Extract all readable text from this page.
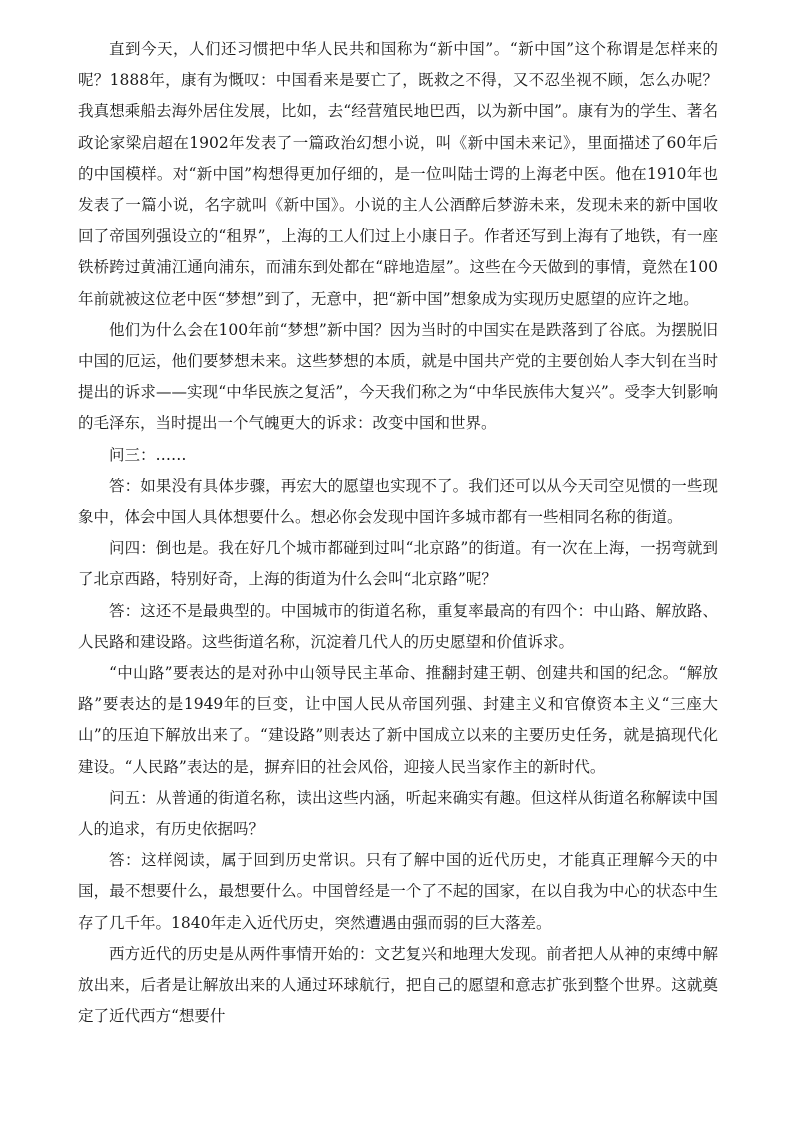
直到今天，人们还习惯把中华人民共和国称为“新中国”。“新中国”这个称谓是怎样来的呢？1888年，康有为慨叹：中国看来是要亡了，既救之不得，又不忍坐视不顾，怎么办呢？我真想乘船去海外居住发展，比如，去“经营殖民地巴西，以为新中国”。康有为的学生、著名政论家梁启超在1902年发表了一篇政治幻想小说，叫《新中国未来记》，里面描述了60年后的中国模样。对“新中国”构想得更加仔细的，是一位叫陆士谔的上海老中医。他在1910年也发表了一篇小说，名字就叫《新中国》。小说的主人公酒醉后梦游未来，发现未来的新中国收回了帝国列强设立的“租界”，上海的工人们过上小康日子。作者还写到上海有了地铁，有一座铁桥跨过黄浦江通向浦东，而浦东到处都在“辟地造屋”。这些在今天做到的事情，竟然在100年前就被这位老中医“梦想”到了，无意中，把“新中国”想象成为实现历史愿望的应许之地。

他们为什么会在100年前“梦想”新中国？因为当时的中国实在是跌落到了谷底。为摆脱旧中国的厄运，他们要梦想未来。这些梦想的本质，就是中国共产党的主要创始人李大钊在当时提出的诉求——实现“中华民族之复活”，今天我们称之为“中华民族伟大复兴”。受李大钊影响的毛泽东，当时提出一个气魄更大的诉求：改变中国和世界。

问三：……

答：如果没有具体步骤，再宏大的愿望也实现不了。我们还可以从今天司空见惯的一些现象中，体会中国人具体想要什么。想必你会发现中国许多城市都有一些相同名称的街道。

问四：倒也是。我在好几个城市都碰到过叫“北京路”的街道。有一次在上海，一拐弯就到了北京西路，特别好奇，上海的街道为什么会叫“北京路”呢？

答：这还不是最典型的。中国城市的街道名称，重复率最高的有四个：中山路、解放路、人民路和建设路。这些街道名称，沉淀着几代人的历史愿望和价值诉求。

“中山路”要表达的是对孙中山领导民主革命、推翻封建王朝、创建共和国的纪念。“解放路”要表达的是1949年的巨变，让中国人民从帝国列强、封建主义和官僚资本主义“三座大山”的压迫下解放出来了。“建设路”则表达了新中国成立以来的主要历史任务，就是搞现代化建设。“人民路”表达的是，摒弃旧的社会风俗，迎接人民当家作主的新时代。

问五：从普通的街道名称，读出这些内涵，听起来确实有趣。但这样从街道名称解读中国人的追求，有历史依据吗？

答：这样阅读，属于回到历史常识。只有了解中国的近代历史，才能真正理解今天的中国，最不想要什么，最想要什么。中国曾经是一个了不起的国家，在以自我为中心的状态中生存了几千年。1840年走入近代历史，突然遭遇由强而弱的巨大落差。

西方近代的历史是从两件事情开始的：文艺复兴和地理大发现。前者把人从神的束缚中解放出来，后者是让解放出来的人通过环球航行，把自己的愿望和意志扩张到整个世界。这就奠定了近代西方“想要什
